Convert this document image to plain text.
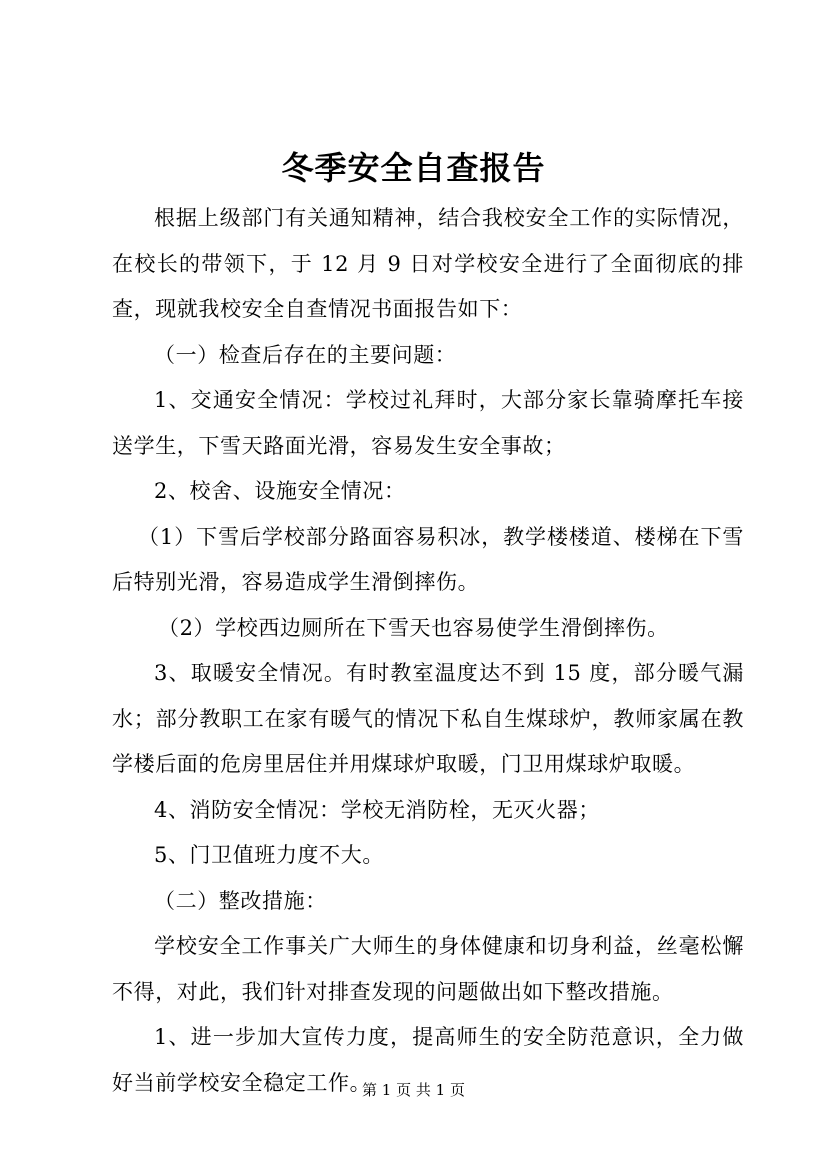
冬季安全自查报告

根据上级部门有关通知精神，结合我校安全工作的实际情况，在校长的带领下，于 12 月 9 日对学校安全进行了全面彻底的排查，现就我校安全自查情况书面报告如下：

（一）检查后存在的主要问题：

1、交通安全情况：学校过礼拜时，大部分家长靠骑摩托车接送学生，下雪天路面光滑，容易发生安全事故；

2、校舍、设施安全情况：

（1）下雪后学校部分路面容易积冰，教学楼楼道、楼梯在下雪后特别光滑，容易造成学生滑倒摔伤。

（2）学校西边厕所在下雪天也容易使学生滑倒摔伤。

3、取暖安全情况。有时教室温度达不到 15 度，部分暖气漏水；部分教职工在家有暖气的情况下私自生煤球炉，教师家属在教学楼后面的危房里居住并用煤球炉取暖，门卫用煤球炉取暖。

4、消防安全情况：学校无消防栓，无灭火器；

5、门卫值班力度不大。

（二）整改措施：

学校安全工作事关广大师生的身体健康和切身利益，丝毫松懈不得，对此，我们针对排查发现的问题做出如下整改措施。

1、进一步加大宣传力度，提高师生的安全防范意识，全力做好当前学校安全稳定工作。

第 1 页 共 1 页
